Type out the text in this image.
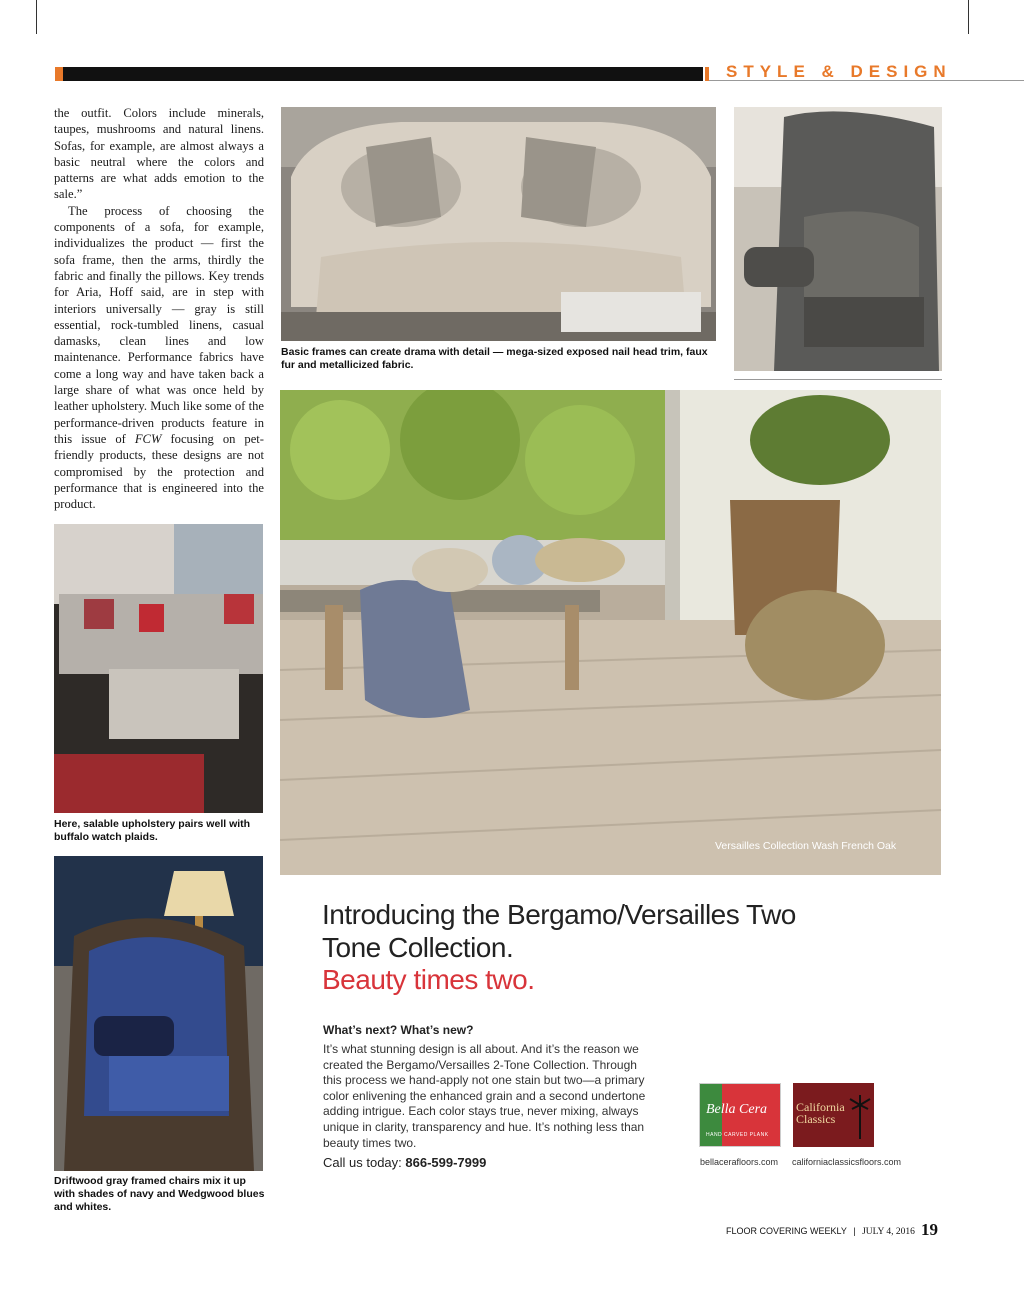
STYLE & DESIGN

the outfit. Colors include minerals, taupes, mushrooms and natural linens. Sofas, for example, are almost always a basic neutral where the colors and patterns are what adds emotion to the sale.”

The process of choosing the components of a sofa, for example, individualizes the product — first the sofa frame, then the arms, thirdly the fabric and finally the pillows. Key trends for Aria, Hoff said, are in step with interiors universally — gray is still essential, rock-tumbled linens, casual damasks, clean lines and low maintenance. Performance fabrics have come a long way and have taken back a large share of what was once held by leather upholstery. Much like some of the performance-driven products feature in this issue of FCW focusing on pet-friendly products, these designs are not compromised by the protection and performance that is engineered into the product.

Basic frames can create drama with detail — mega-sized exposed nail head trim, faux fur and metallicized fabric.
Here, salable upholstery pairs well with buffalo watch plaids.
Driftwood gray framed chairs mix it up with shades of navy and Wedgwood blues and whites.
Versailles Collection Wash French Oak
Introducing the Bergamo/Versailles Two Tone Collection.
Beauty times two.
What’s next? What’s new?
It’s what stunning design is all about. And it’s the reason we created the Bergamo/Versailles 2-Tone Collection. Through this process we hand-apply not one stain but two—a primary color enlivening the enhanced grain and a second undertone adding intrigue. Each color stays true, never mixing, always unique in clarity, transparency and hue. It’s nothing less than beauty times two.
Call us today: 866-599-7999
Bella Cera
HAND CARVED PLANK
California Classics
bellacerafloors.com californiaclassicsfloors.com
FLOOR COVERING WEEKLY | JULY 4, 2016 19
